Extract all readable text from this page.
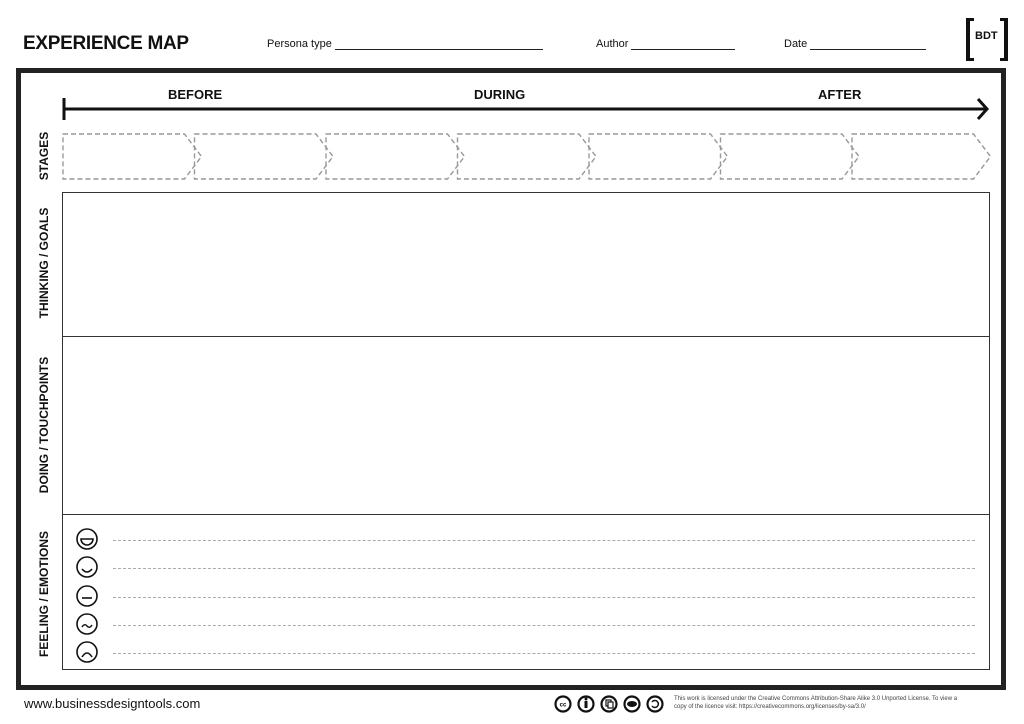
EXPERIENCE MAP	Persona type	Author	Date
BDT
BEFORE	DURING	AFTER
STAGES
THINKING / GOALS
DOING / TOUCHPOINTS
FEELING / EMOTIONS
www.businessdesigntools.com	cc
This work is licensed under the Creative Commons Attribution-Share Alike 3.0 Unported License. To view a
copy of the licence visit: https://creativecommons.org/licenses/by-sa/3.0/
